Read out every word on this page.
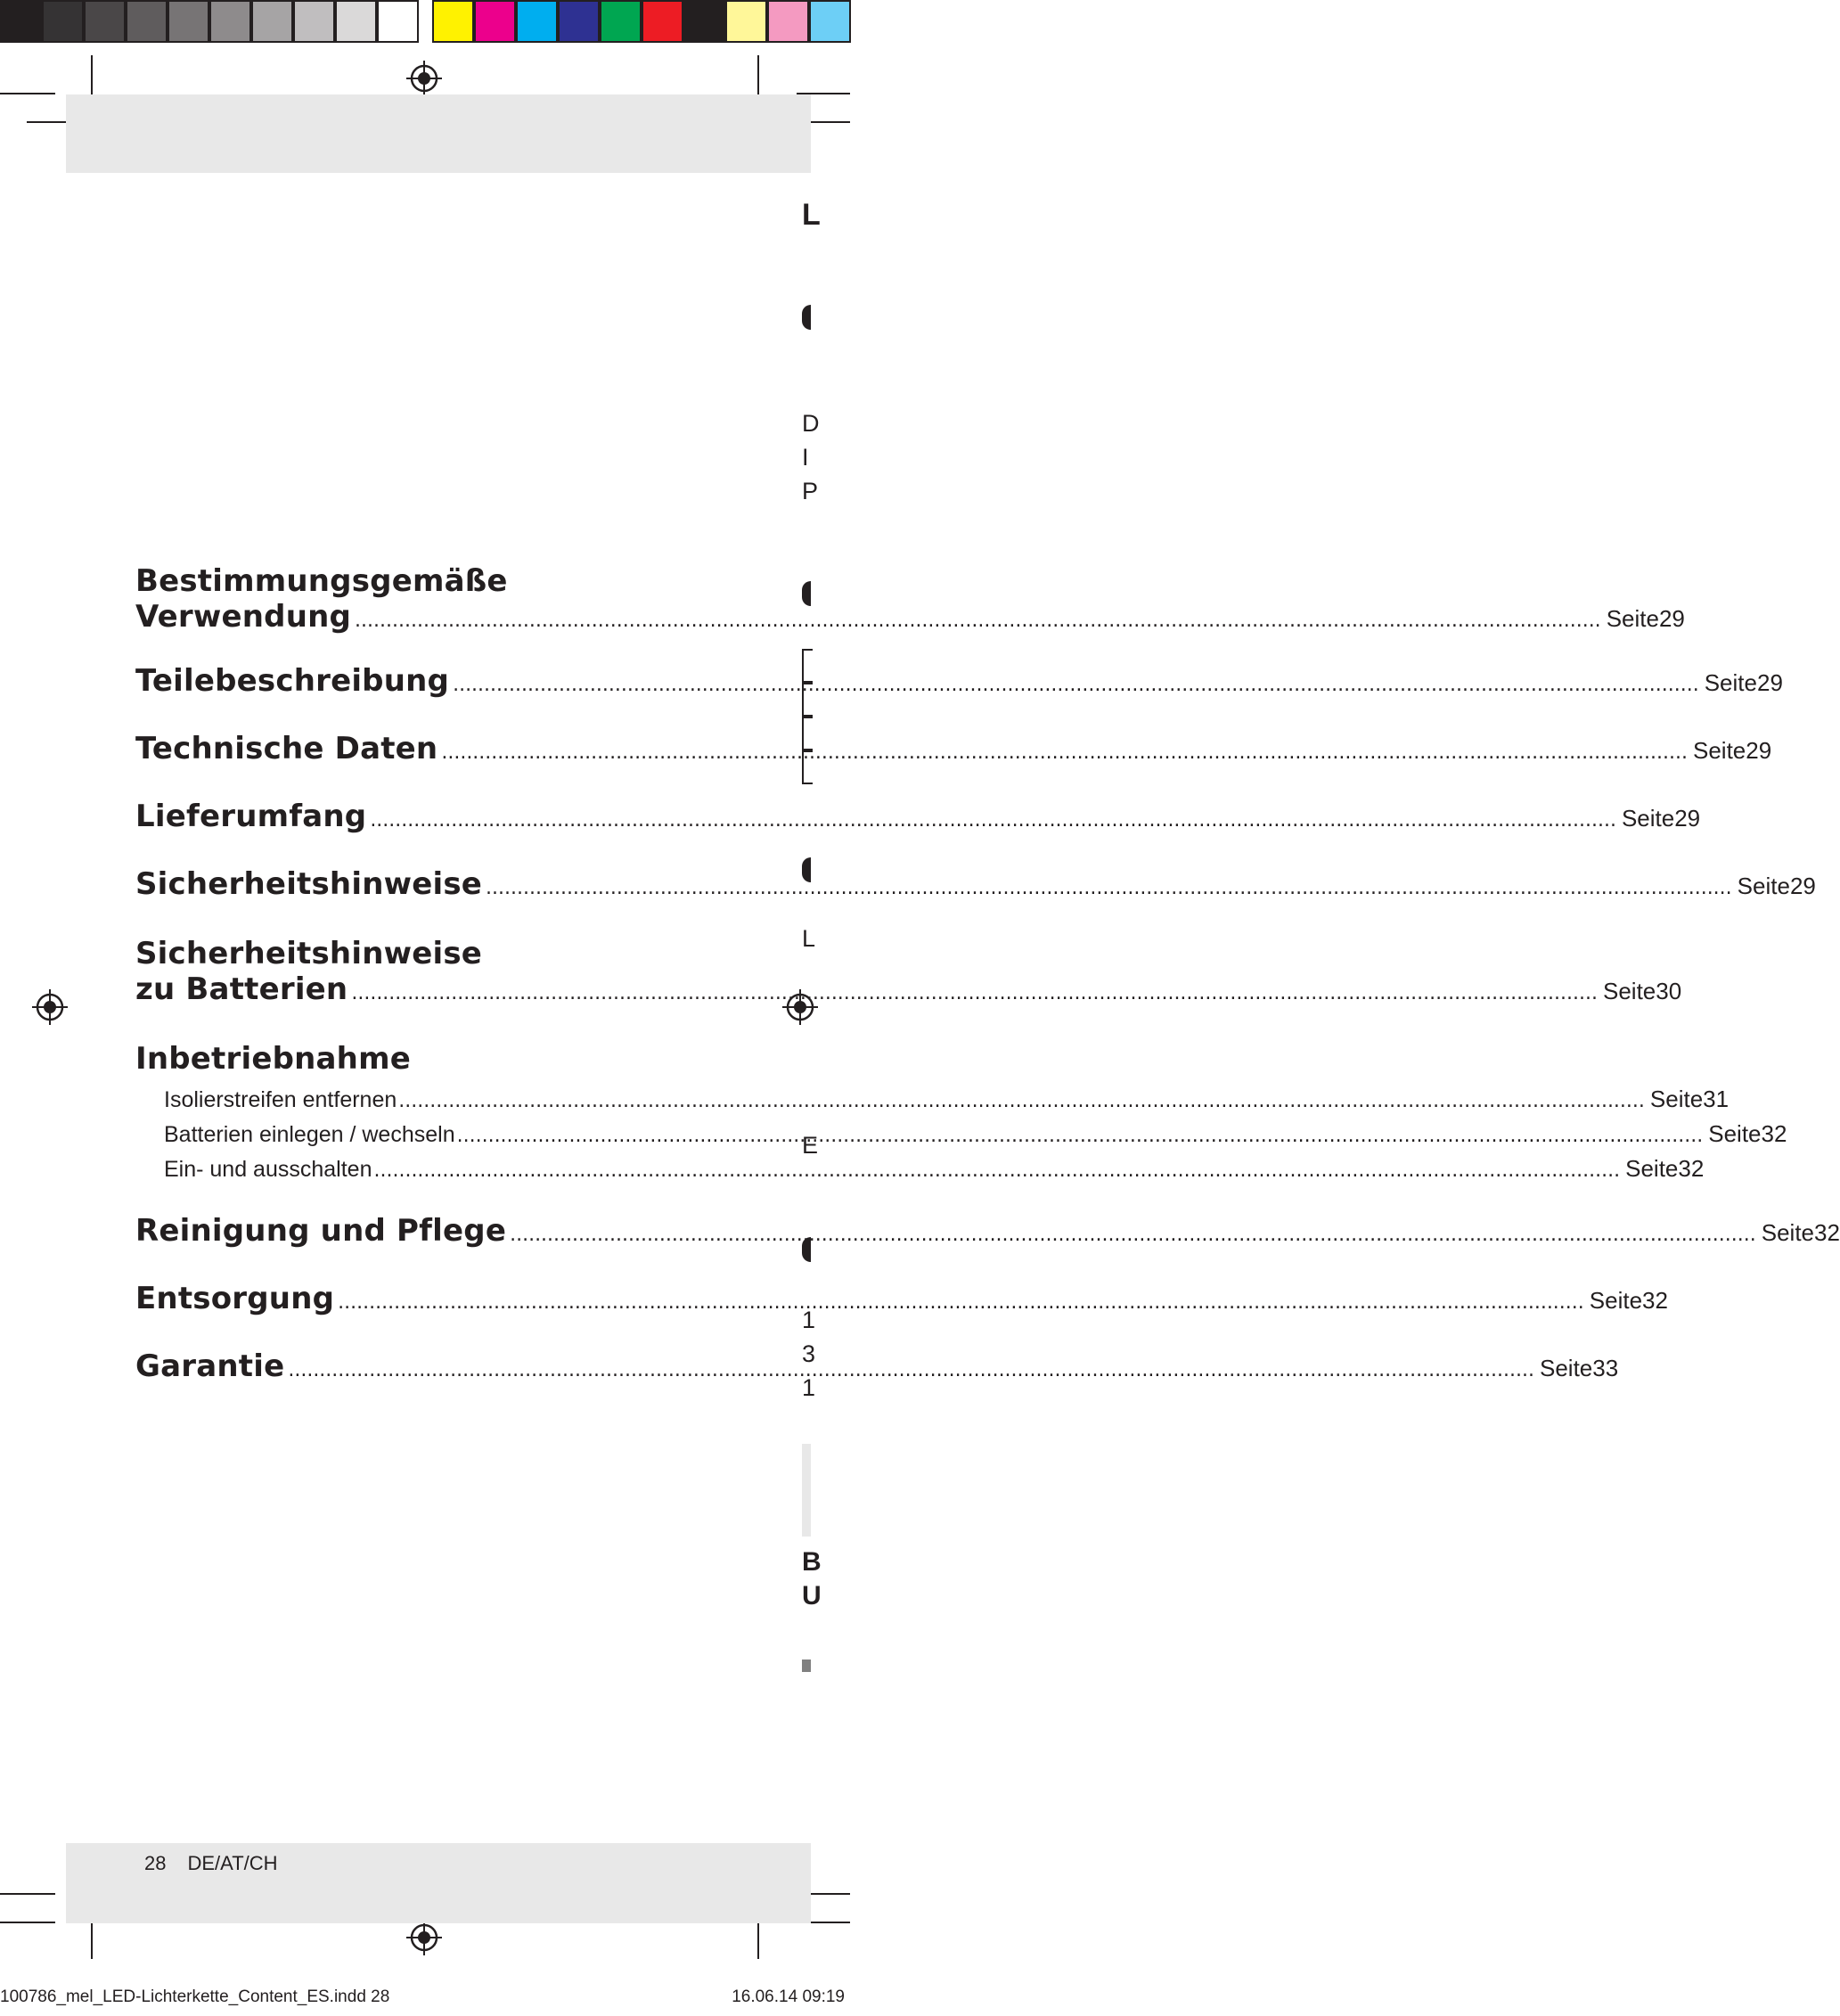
Bestimmungsgemäße
Verwendung .....	Seite 29
Teilebeschreibung .....	Seite 29
Technische Daten .....	Seite 29
Lieferumfang .....	Seite 29
Sicherheitshinweise .....	Seite 29
Sicherheitshinweise
zu Batterien .....	Seite 30
Inbetriebnahme
Isolierstreifen entfernen .....	Seite 31
Batterien einlegen / wechseln .....	Seite 32
Ein- und ausschalten .....	Seite 32
Reinigung und Pflege .....	Seite 32
Entsorgung .....	Seite 32
Garantie .....	Seite 33
L
D
I
P
L
E
1
3
1
B
U
28 DE/AT/CH
100786_mel_LED-Lichterkette_Content_ES.indd 28	16.06.14 09:19
